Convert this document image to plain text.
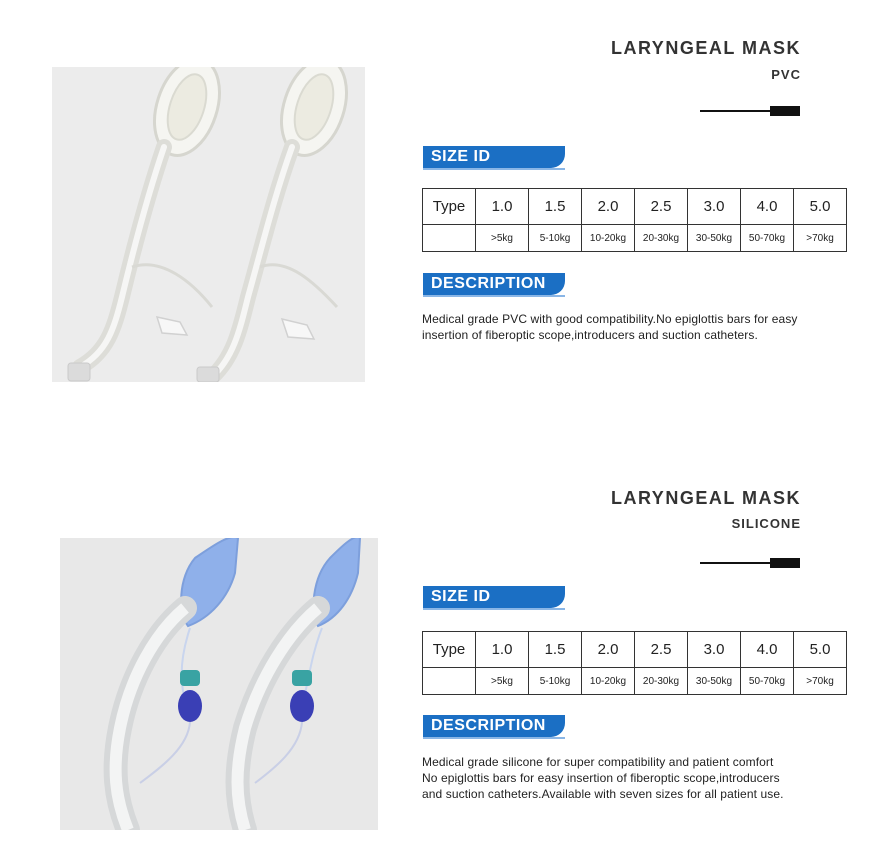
LARYNGEAL MASK
PVC
SIZE ID
Type	1.0	1.5	2.0	2.5	3.0	4.0	5.0
	>5kg	5-10kg	10-20kg	20-30kg	30-50kg	50-70kg	>70kg
DESCRIPTION
Medical grade PVC with good compatibility.No epiglottis bars for easy
insertion of fiberoptic scope,introducers and suction catheters.
LARYNGEAL MASK
SILICONE
SIZE ID
Type	1.0	1.5	2.0	2.5	3.0	4.0	5.0
	>5kg	5-10kg	10-20kg	20-30kg	30-50kg	50-70kg	>70kg
DESCRIPTION
Medical grade silicone for super compatibility and patient comfort
No epiglottis bars for easy insertion of fiberoptic scope,introducers
and suction catheters.Available with seven sizes for all patient use.
